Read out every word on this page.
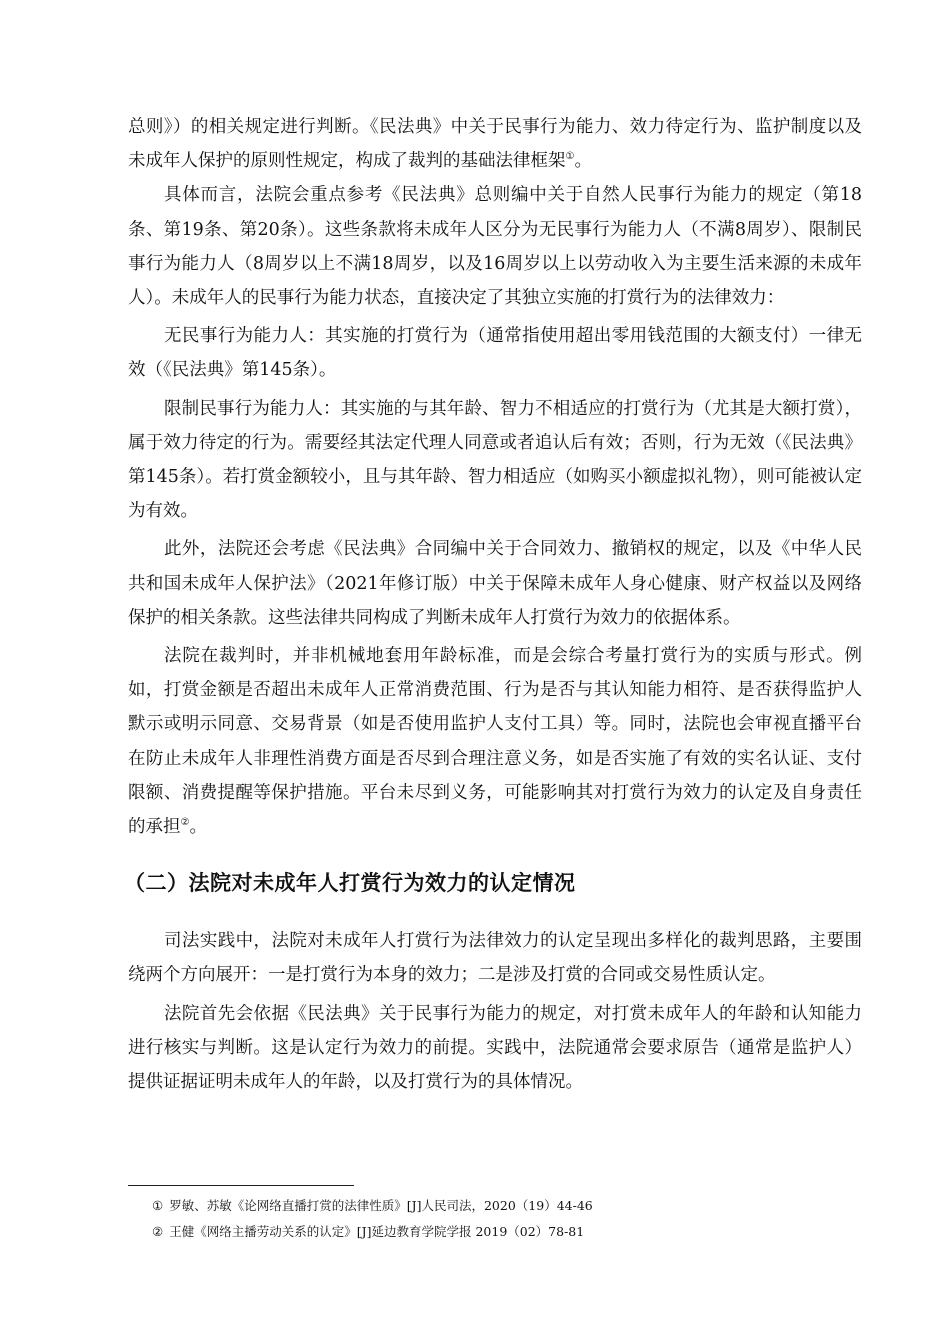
总则》）的相关规定进行判断。《民法典》中关于民事行为能力、效力待定行为、监护制度以及未成年人保护的原则性规定，构成了裁判的基础法律框架①。

具体而言，法院会重点参考《民法典》总则编中关于自然人民事行为能力的规定（第18条、第19条、第20条）。这些条款将未成年人区分为无民事行为能力人（不满8周岁）、限制民事行为能力人（8周岁以上不满18周岁，以及16周岁以上以劳动收入为主要生活来源的未成年人）。未成年人的民事行为能力状态，直接决定了其独立实施的打赏行为的法律效力：

无民事行为能力人：其实施的打赏行为（通常指使用超出零用钱范围的大额支付）一律无效（《民法典》第145条）。

限制民事行为能力人：其实施的与其年龄、智力不相适应的打赏行为（尤其是大额打赏），属于效力待定的行为。需要经其法定代理人同意或者追认后有效；否则，行为无效（《民法典》第145条）。若打赏金额较小，且与其年龄、智力相适应（如购买小额虚拟礼物），则可能被认定为有效。

此外，法院还会考虑《民法典》合同编中关于合同效力、撤销权的规定，以及《中华人民共和国未成年人保护法》（2021年修订版）中关于保障未成年人身心健康、财产权益以及网络保护的相关条款。这些法律共同构成了判断未成年人打赏行为效力的依据体系。

法院在裁判时，并非机械地套用年龄标准，而是会综合考量打赏行为的实质与形式。例如，打赏金额是否超出未成年人正常消费范围、行为是否与其认知能力相符、是否获得监护人默示或明示同意、交易背景（如是否使用监护人支付工具）等。同时，法院也会审视直播平台在防止未成年人非理性消费方面是否尽到合理注意义务，如是否实施了有效的实名认证、支付限额、消费提醒等保护措施。平台未尽到义务，可能影响其对打赏行为效力的认定及自身责任的承担②。

（二）法院对未成年人打赏行为效力的认定情况

司法实践中，法院对未成年人打赏行为法律效力的认定呈现出多样化的裁判思路，主要围绕两个方向展开：一是打赏行为本身的效力；二是涉及打赏的合同或交易性质认定。

法院首先会依据《民法典》关于民事行为能力的规定，对打赏未成年人的年龄和认知能力进行核实与判断。这是认定行为效力的前提。实践中，法院通常会要求原告（通常是监护人）提供证据证明未成年人的年龄，以及打赏行为的具体情况。

① 罗敏、苏敏《论网络直播打赏的法律性质》[J]人民司法，2020（19）44-46

② 王健《网络主播劳动关系的认定》[J]延边教育学院学报 2019（02）78-81
